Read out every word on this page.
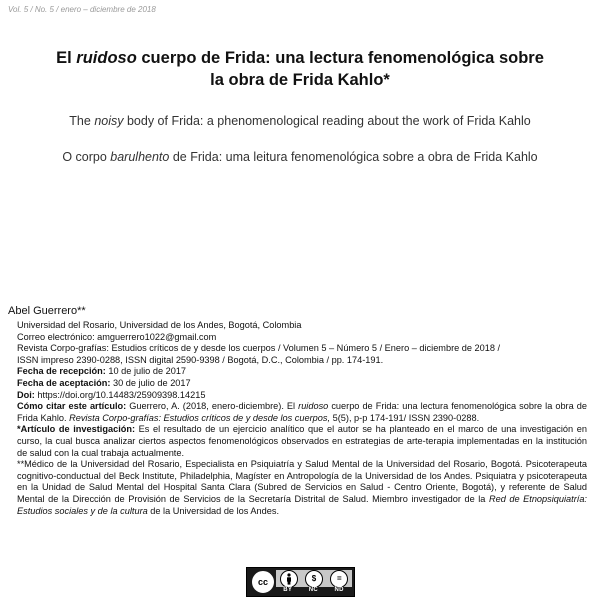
Vol. 5 / No. 5 / enero – diciembre de 2018
El ruidoso cuerpo de Frida: una lectura fenomenológica sobre
la obra de Frida Kahlo*
The noisy body of Frida: a phenomenological reading about the work of Frida Kahlo
O corpo barulhento de Frida: uma leitura fenomenológica sobre a obra de Frida Kahlo
Abel Guerrero**

Universidad del Rosario, Universidad de los Andes, Bogotá, Colombia

Correo electrónico: amguerrero1022@gmail.com

Revista Corpo-grafías: Estudios críticos de y desde los cuerpos / Volumen 5 – Número 5 / Enero – diciembre de 2018 /

ISSN impreso 2390-0288, ISSN digital 2590-9398 / Bogotá, D.C., Colombia / pp. 174-191.

Fecha de recepción: 10 de julio de 2017

Fecha de aceptación: 30 de julio de 2017

Doi: https://doi.org/10.14483/25909398.14215

Cómo citar este artículo: Guerrero, A. (2018, enero-diciembre). El ruidoso cuerpo de Frida: una lectura fenomenológica sobre la obra de Frida Kahlo. Revista Corpo-grafías: Estudios críticos de y desde los cuerpos, 5(5), p-p 174-191/ ISSN 2390-0288.

*Artículo de investigación: Es el resultado de un ejercicio analítico que el autor se ha planteado en el marco de una investigación en curso, la cual busca analizar ciertos aspectos fenomenológicos observados en estrategias de arte-terapia implementadas en la institución de salud con la cual trabaja actualmente.

**Médico de la Universidad del Rosario, Especialista en Psiquiatría y Salud Mental de la Universidad del Rosario, Bogotá. Psicoterapeuta cognitivo-conductual del Beck Institute, Philadelphia, Magíster en Antropología de la Universidad de los Andes. Psiquiatra y psicoterapeuta en la Unidad de Salud Mental del Hospital Santa Clara (Subred de Servicios en Salud - Centro Oriente, Bogotá), y referente de Salud Mental de la Dirección de Provisión de Servicios de la Secretaría Distrital de Salud. Miembro investigador de la Red de Etnopsiquiatría: Estudios sociales y de la cultura de la Universidad de los Andes.

cc	$	=
BY	NC	ND
